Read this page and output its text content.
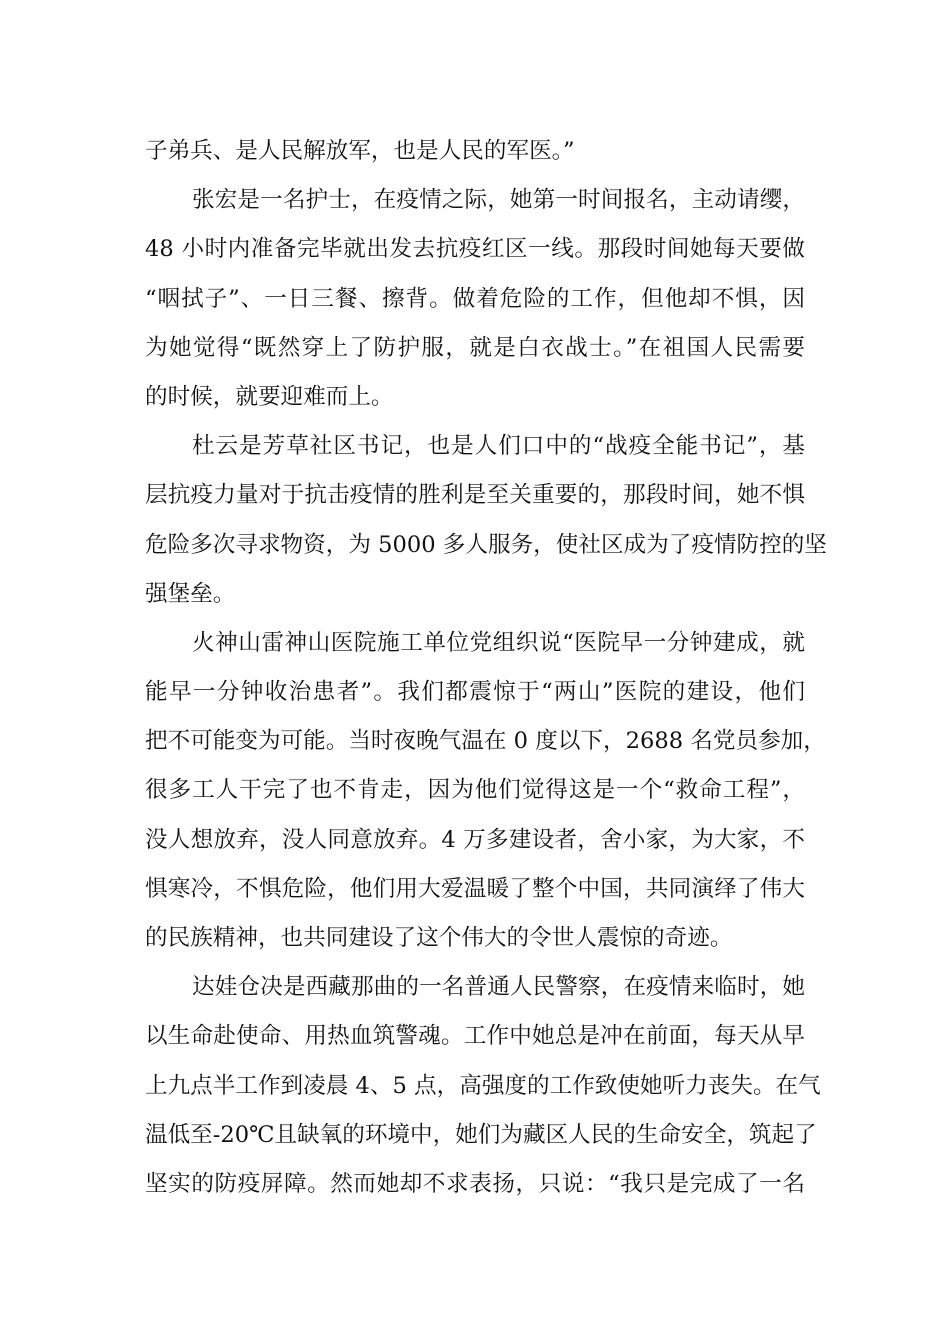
子弟兵、是人民解放军，也是人民的军医。”
张宏是一名护士，在疫情之际，她第一时间报名，主动请缨，
48 小时内准备完毕就出发去抗疫红区一线。那段时间她每天要做
“咽拭子”、一日三餐、擦背。做着危险的工作，但他却不惧，因
为她觉得“既然穿上了防护服，就是白衣战士。”在祖国人民需要
的时候，就要迎难而上。
杜云是芳草社区书记，也是人们口中的“战疫全能书记”，基
层抗疫力量对于抗击疫情的胜利是至关重要的，那段时间，她不惧
危险多次寻求物资，为 5000 多人服务，使社区成为了疫情防控的坚
强堡垒。
火神山雷神山医院施工单位党组织说“医院早一分钟建成，就
能早一分钟收治患者”。我们都震惊于“两山”医院的建设，他们
把不可能变为可能。当时夜晚气温在 0 度以下，2688 名党员参加，
很多工人干完了也不肯走，因为他们觉得这是一个“救命工程”，
没人想放弃，没人同意放弃。4 万多建设者，舍小家，为大家，不
惧寒冷，不惧危险，他们用大爱温暖了整个中国，共同演绎了伟大
的民族精神，也共同建设了这个伟大的令世人震惊的奇迹。
达娃仓决是西藏那曲的一名普通人民警察，在疫情来临时，她
以生命赴使命、用热血筑警魂。工作中她总是冲在前面，每天从早
上九点半工作到凌晨 4、5 点，高强度的工作致使她听力丧失。在气
温低至-20℃且缺氧的环境中，她们为藏区人民的生命安全，筑起了
坚实的防疫屏障。然而她却不求表扬，只说：“我只是完成了一名
